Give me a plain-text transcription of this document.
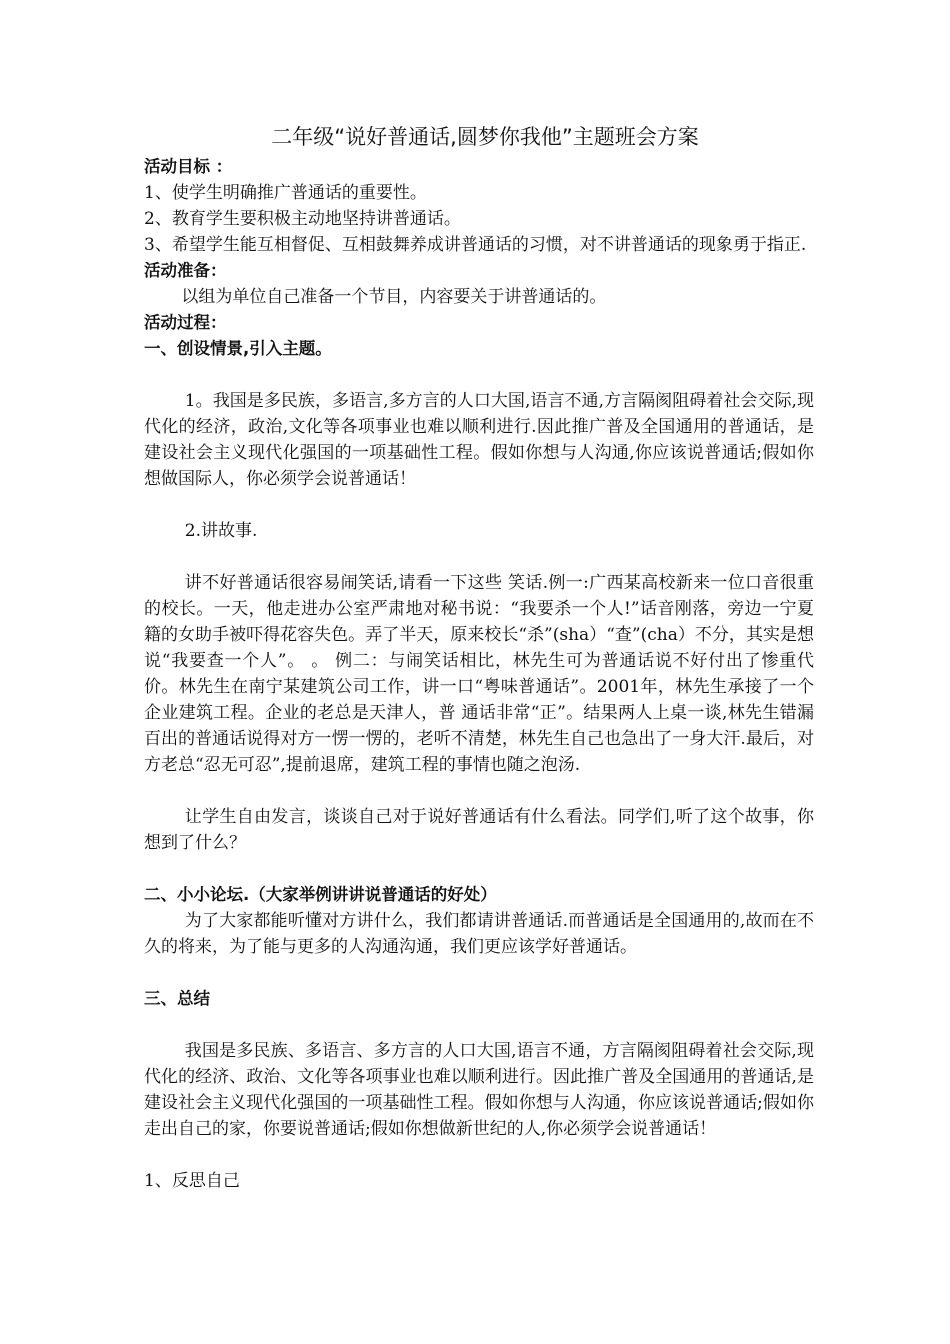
二年级“说好普通话,圆梦你我他”主题班会方案
活动目标 ：

1、使学生明确推广普通话的重要性。

2、教育学生要积极主动地坚持讲普通话。

3、希望学生能互相督促、互相鼓舞养成讲普通话的习惯，对不讲普通话的现象勇于指正.

活动准备：

以组为单位自己准备一个节目，内容要关于讲普通话的。

活动过程：
一、创设情景,引入主题。

1。我国是多民族，多语言,多方言的人口大国,语言不通,方言隔阂阻碍着社会交际,现代化的经济，政治,文化等各项事业也难以顺利进行.因此推广普及全国通用的普通话，是建设社会主义现代化强国的一项基础性工程。假如你想与人沟通,你应该说普通话;假如你想做国际人，你必须学会说普通话！

2.讲故事.

讲不好普通话很容易闹笑话,请看一下这些 笑话.例一:广西某高校新来一位口音很重的校长。一天，他走进办公室严肃地对秘书说：“我要杀一个人!”话音刚落，旁边一宁夏籍的女助手被吓得花容失色。弄了半天，原来校长“杀”(sha）“查”(cha）不分，其实是想说“我要查一个人”。 。 例二：与闹笑话相比，林先生可为普通话说不好付出了惨重代价。林先生在南宁某建筑公司工作，讲一口“粤味普通话”。2001年，林先生承接了一个企业建筑工程。企业的老总是天津人，普 通话非常“正”。结果两人上桌一谈,林先生错漏百出的普通话说得对方一愣一愣的，老听不清楚，林先生自己也急出了一身大汗.最后，对方老总“忍无可忍”,提前退席，建筑工程的事情也随之泡汤.

让学生自由发言，谈谈自己对于说好普通话有什么看法。同学们,听了这个故事，你想到了什么？

二、小小论坛.（大家举例讲讲说普通话的好处）

为了大家都能听懂对方讲什么，我们都请讲普通话.而普通话是全国通用的,故而在不久的将来，为了能与更多的人沟通沟通，我们更应该学好普通话。

三、总结

我国是多民族、多语言、多方言的人口大国,语言不通，方言隔阂阻碍着社会交际,现代化的经济、政治、文化等各项事业也难以顺利进行。因此推广普及全国通用的普通话,是建设社会主义现代化强国的一项基础性工程。假如你想与人沟通，你应该说普通话;假如你走出自己的家，你要说普通话;假如你想做新世纪的人,你必须学会说普通话！

1、反思自己
